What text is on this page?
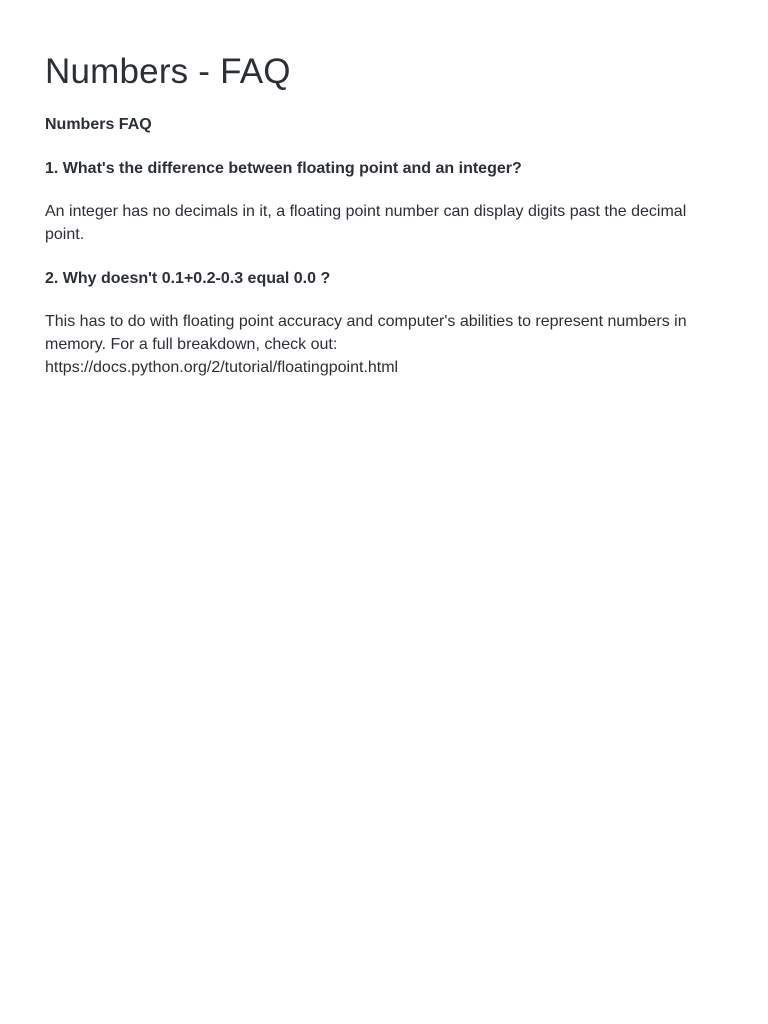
Numbers - FAQ

Numbers FAQ

1. What's the difference between floating point and an integer?

An integer has no decimals in it, a floating point number can display digits past the decimal point.

2. Why doesn't 0.1+0.2-0.3 equal 0.0 ?

This has to do with floating point accuracy and computer's abilities to represent numbers in memory. For a full breakdown, check out:
https://docs.python.org/2/tutorial/floatingpoint.html
